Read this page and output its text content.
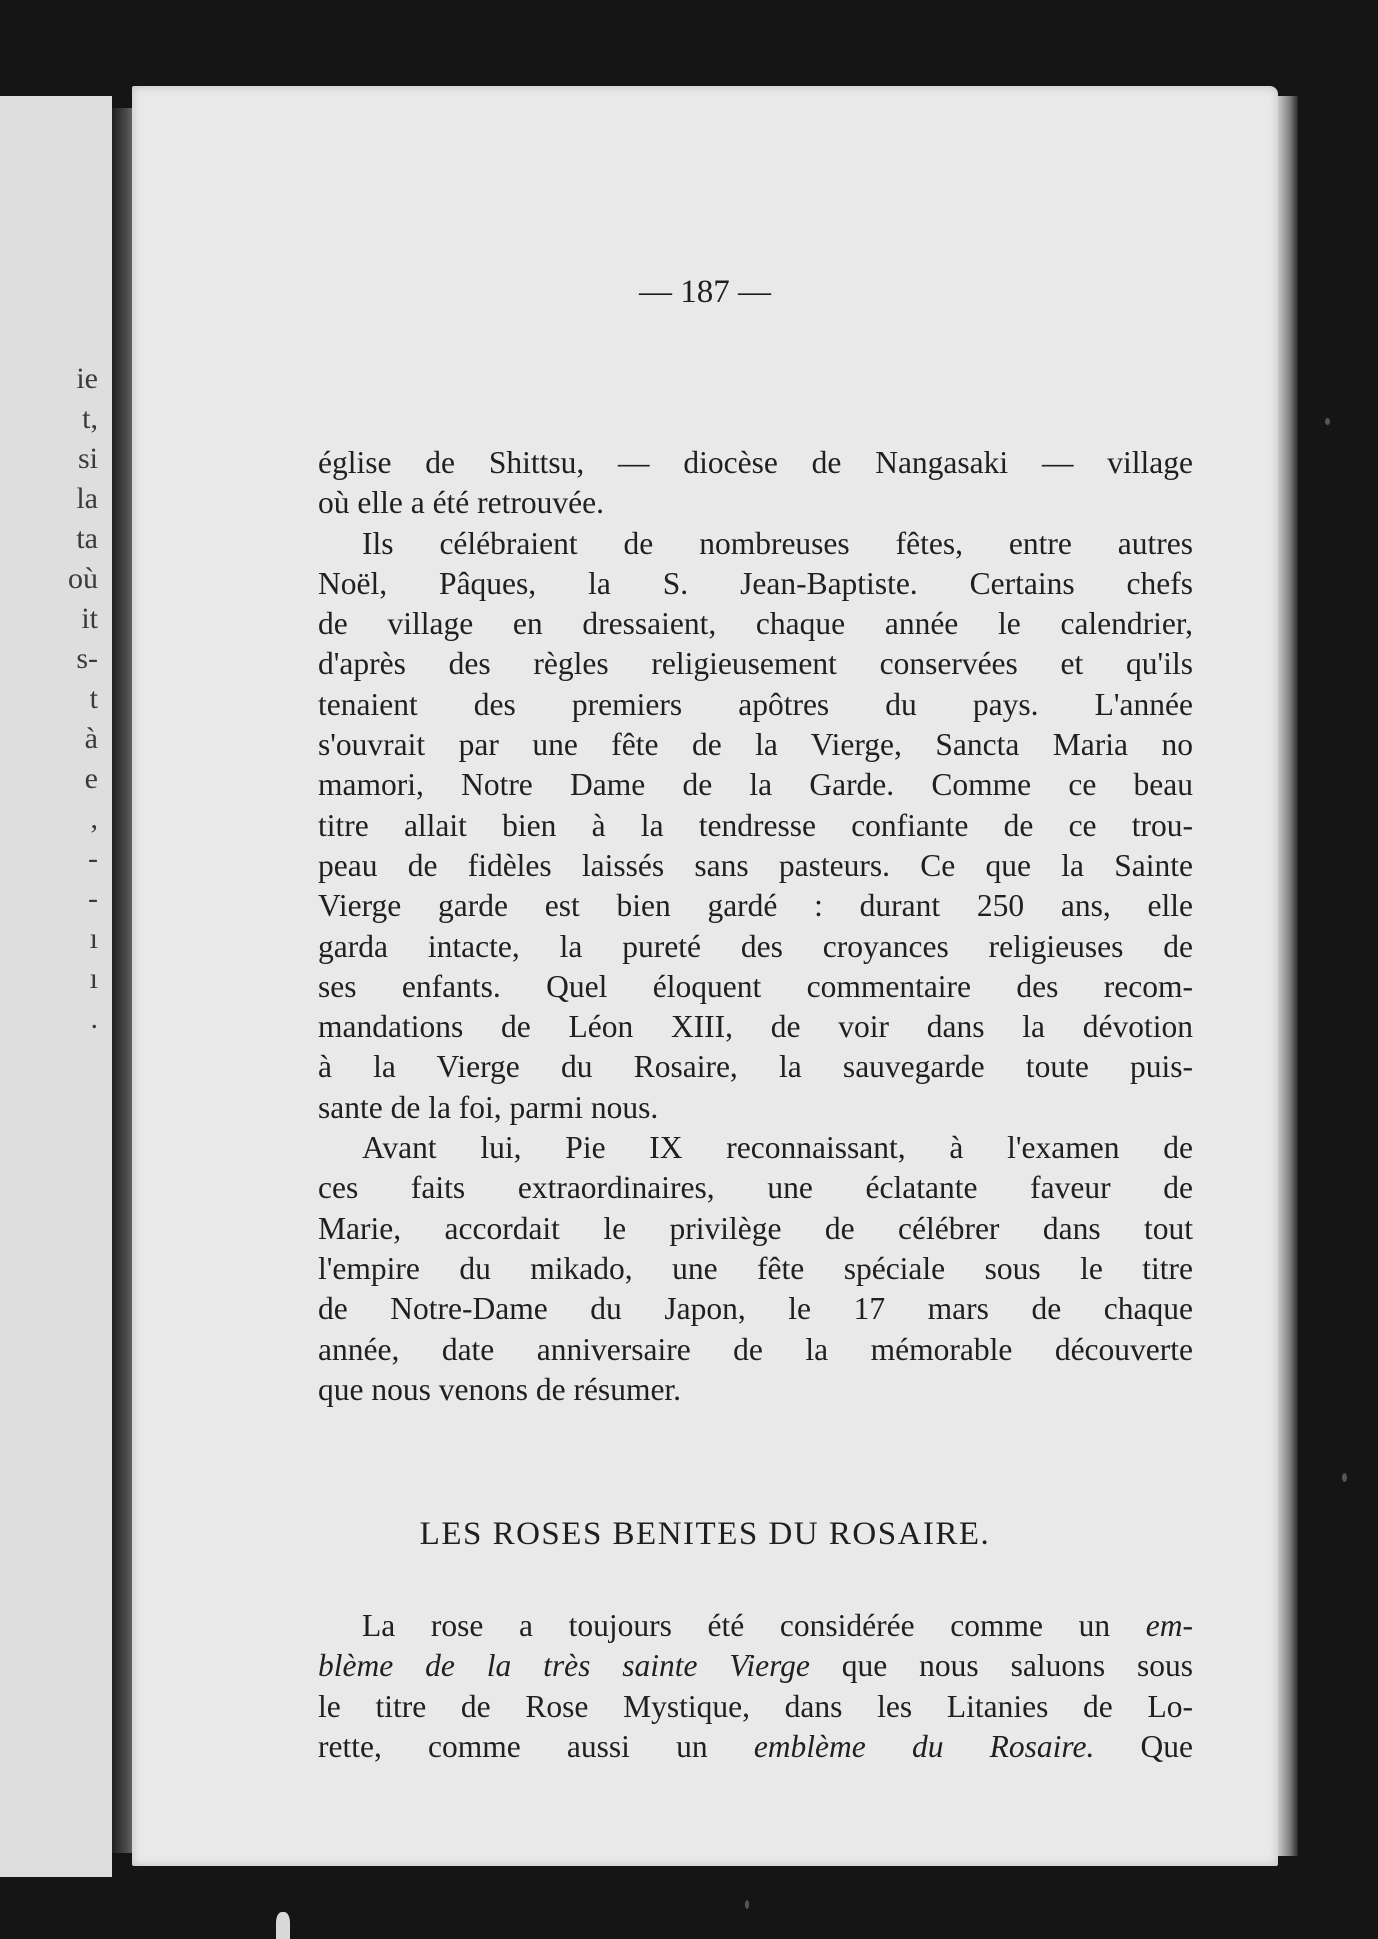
ie
t,
si
la
ta
où
it
s-
t
à
e
,
-
-
ı
ı
.
— 187 —
église de Shittsu, — diocèse de Nangasaki — village
où elle a été retrouvée.
Ils célébraient de nombreuses fêtes, entre autres
Noël, Pâques, la S. Jean-Baptiste. Certains chefs
de village en dressaient, chaque année le calendrier,
d'après des règles religieusement conservées et qu'ils
tenaient des premiers apôtres du pays. L'année
s'ouvrait par une fête de la Vierge, Sancta Maria no
mamori, Notre Dame de la Garde. Comme ce beau
titre allait bien à la tendresse confiante de ce trou-
peau de fidèles laissés sans pasteurs. Ce que la Sainte
Vierge garde est bien gardé : durant 250 ans, elle
garda intacte, la pureté des croyances religieuses de
ses enfants. Quel éloquent commentaire des recom-
mandations de Léon XIII, de voir dans la dévotion
à la Vierge du Rosaire, la sauvegarde toute puis-
sante de la foi, parmi nous.
Avant lui, Pie IX reconnaissant, à l'examen de
ces faits extraordinaires, une éclatante faveur de
Marie, accordait le privilège de célébrer dans tout
l'empire du mikado, une fête spéciale sous le titre
de Notre-Dame du Japon, le 17 mars de chaque
année, date anniversaire de la mémorable découverte
que nous venons de résumer.
LES ROSES BENITES DU ROSAIRE.
La rose a toujours été considérée comme un em-
blème de la très sainte Vierge que nous saluons sous
le titre de Rose Mystique, dans les Litanies de Lo-
rette, comme aussi un emblème du Rosaire. Que
